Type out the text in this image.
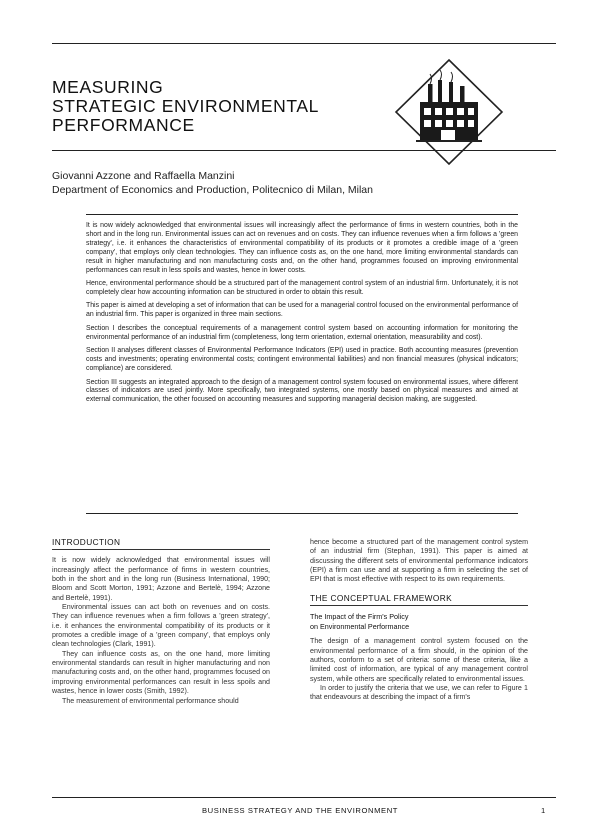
MEASURING
STRATEGIC ENVIRONMENTAL
PERFORMANCE
Giovanni Azzone and Raffaella Manzini
Department of Economics and Production, Politecnico di Milan, Milan

It is now widely acknowledged that environmental issues will increasingly affect the performance of firms in western countries, both in the short and in the long run. Environmental issues can act on revenues and on costs. They can influence revenues when a firm follows a 'green strategy', i.e. it enhances the characteristics of environmental compatibility of its products or it promotes a credible image of a 'green company', that employs only clean technologies. They can influence costs as, on the one hand, more limiting environmental standards can result in higher manufacturing and non manufacturing costs and, on the other hand, programmes focused on improving environmental performances can result in less spoils and wastes, hence in lower costs.

Hence, environmental performance should be a structured part of the management control system of an industrial firm. Unfortunately, it is not completely clear how accounting information can be structured in order to obtain this result.

This paper is aimed at developing a set of information that can be used for a managerial control focused on the environmental performance of an industrial firm. This paper is organized in three main sections.

Section I describes the conceptual requirements of a management control system based on accounting information for monitoring the environmental performance of an industrial firm (completeness, long term orientation, external orientation, measurability and cost).

Section II analyses different classes of Environmental Performance Indicators (EPI) used in practice. Both accounting measures (prevention costs and investments; operating environmental costs; contingent environmental liabilities) and non financial measures (physical indicators; compliance) are considered.

Section III suggests an integrated approach to the design of a management control system focused on environmental issues, where different classes of indicators are used jointly. More specifically, two integrated systems, one mostly based on physical measures and aimed at external communication, the other focused on accounting measures and supporting managerial decision making, are suggested.

INTRODUCTION

It is now widely acknowledged that environmental issues will increasingly affect the performance of firms in western countries, both in the short and in the long run (Business International, 1990; Bloom and Scott Morton, 1991; Azzone and Bertelè, 1994; Azzone and Bertelè, 1991).

Environmental issues can act both on revenues and on costs. They can influence revenues when a firm follows a 'green strategy', i.e. it enhances the environmental compatibility of its products or it promotes a credible image of a 'green company', that employs only clean technologies (Clark, 1991).

They can influence costs as, on the one hand, more limiting environmental standards can result in higher manufacturing and non manufacturing costs and, on the other hand, programmes focused on improving environmental performances can result in less spoils and wastes, hence in lower costs (Smith, 1992).

The measurement of environmental performance should

hence become a structured part of the management control system of an industrial firm (Stephan, 1991). This paper is aimed at discussing the different sets of environmental performance indicators (EPI) a firm can use and at supporting a firm in selecting the set of EPI that is most effective with respect to its own requirements.

THE CONCEPTUAL FRAMEWORK
The Impact of the Firm's Policy
on Environmental Performance

The design of a management control system focused on the environmental performance of a firm should, in the opinion of the authors, conform to a set of criteria: some of these criteria, like a limited cost of information, are typical of any management control system, while others are specifically related to environmental issues.

In order to justify the criteria that we use, we can refer to Figure 1 that endeavours at describing the impact of a firm's

BUSINESS STRATEGY AND THE ENVIRONMENT	1
